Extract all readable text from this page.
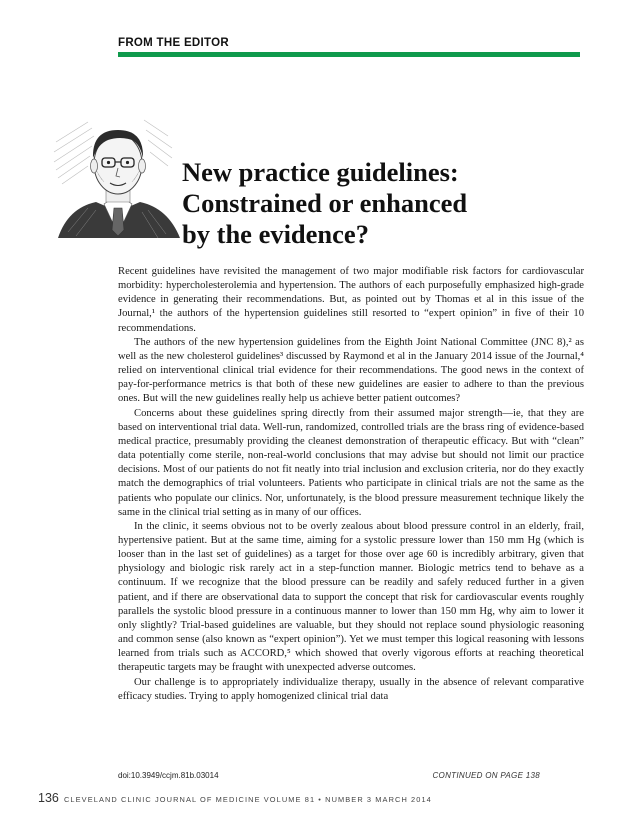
FROM THE EDITOR
New practice guidelines:
Constrained or enhanced
by the evidence?

Recent guidelines have revisited the management of two major modifiable risk factors for cardiovascular morbidity: hypercholesterolemia and hypertension. The authors of each purposefully emphasized high-grade evidence in generating their recommendations. But, as pointed out by Thomas et al in this issue of the Journal,¹ the authors of the hypertension guidelines still resorted to “expert opinion” in five of their 10 recommendations.

The authors of the new hypertension guidelines from the Eighth Joint National Committee (JNC 8),² as well as the new cholesterol guidelines³ discussed by Raymond et al in the January 2014 issue of the Journal,⁴ relied on interventional clinical trial evidence for their recommendations. The good news in the context of pay-for-performance metrics is that both of these new guidelines are easier to adhere to than the previous ones. But will the new guidelines really help us achieve better patient outcomes?

Concerns about these guidelines spring directly from their assumed major strength—ie, that they are based on interventional trial data. Well-run, randomized, controlled trials are the brass ring of evidence-based medical practice, presumably providing the cleanest demonstration of therapeutic efficacy. But with “clean” data potentially come sterile, non-real-world conclusions that may advise but should not limit our practice decisions. Most of our patients do not fit neatly into trial inclusion and exclusion criteria, nor do they exactly match the demographics of trial volunteers. Patients who participate in clinical trials are not the same as the patients who populate our clinics. Nor, unfortunately, is the blood pressure measurement technique likely the same in the clinical trial setting as in many of our offices.

In the clinic, it seems obvious not to be overly zealous about blood pressure control in an elderly, frail, hypertensive patient. But at the same time, aiming for a systolic pressure lower than 150 mm Hg (which is looser than in the last set of guidelines) as a target for those over age 60 is incredibly arbitrary, given that physiology and biologic risk rarely act in a step-function manner. Biologic metrics tend to behave as a continuum. If we recognize that the blood pressure can be readily and safely reduced further in a given patient, and if there are observational data to support the concept that risk for cardiovascular events roughly parallels the systolic blood pressure in a continuous manner to lower than 150 mm Hg, why aim to lower it only slightly? Trial-based guidelines are valuable, but they should not replace sound physiologic reasoning and common sense (also known as “expert opinion”). Yet we must temper this logical reasoning with lessons learned from trials such as ACCORD,⁵ which showed that overly vigorous efforts at reaching theoretical therapeutic targets may be fraught with unexpected adverse outcomes.

Our challenge is to appropriately individualize therapy, usually in the absence of relevant comparative efficacy studies. Trying to apply homogenized clinical trial data

doi:10.3949/ccjm.81b.03014	CONTINUED ON PAGE 138
136 CLEVELAND CLINIC JOURNAL OF MEDICINE VOLUME 81 • NUMBER 3 MARCH 2014
